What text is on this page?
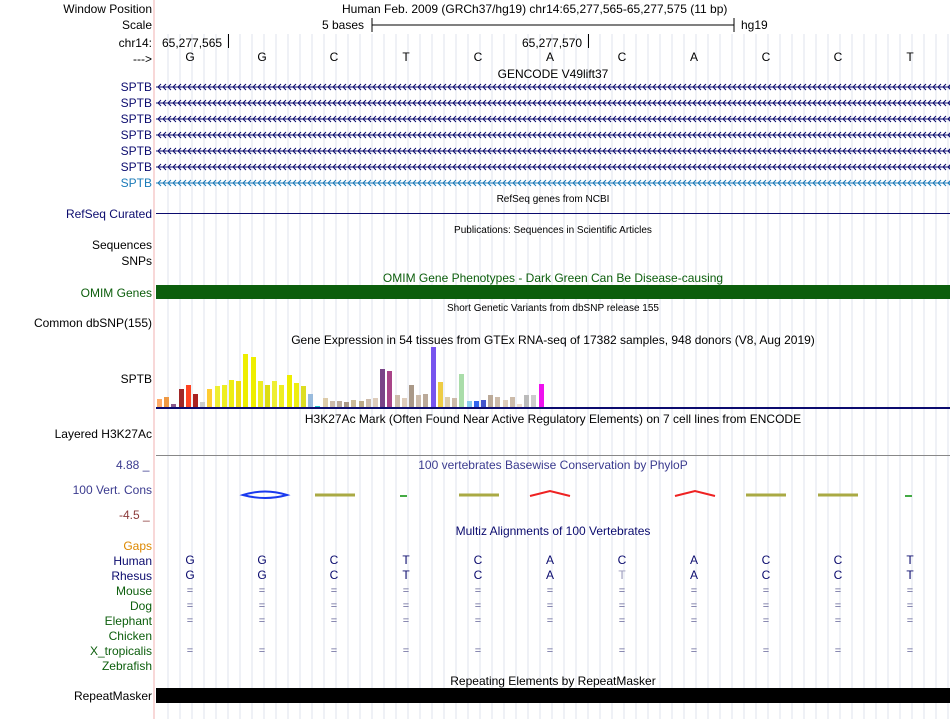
Window Position	Human Feb. 2009 (GRCh37/hg19) chr14:65,277,565-65,277,575 (11 bp)
Scale	5 bases	hg19
chr14: 65,277,565	65,277,570
--->	G	G	C	T	C	A	C	A	C	C	T
GENCODE V49lift37
SPTB
SPTB
SPTB
SPTB
SPTB
SPTB
SPTB
RefSeq genes from NCBI
RefSeq Curated
Publications: Sequences in Scientific Articles
Sequences
SNPs
OMIM Gene Phenotypes - Dark Green Can Be Disease-causing
OMIM Genes
Short Genetic Variants from dbSNP release 155
Common dbSNP(155)
Gene Expression in 54 tissues from GTEx RNA-seq of 17382 samples, 948 donors (V8, Aug 2019)
SPTB
H3K27Ac Mark (Often Found Near Active Regulatory Elements) on 7 cell lines from ENCODE
Layered H3K27Ac
100 vertebrates Basewise Conservation by PhyloP
4.88 _
100 Vert. Cons
-4.5 _
Multiz Alignments of 100 Vertebrates
Gaps
Human	G	G	C	T	C	A	C	A	C	C	T
Rhesus	G	G	C	T	C	A	T	A	C	C	T
Mouse	=	=	=	=	=	=	=	=	=	=	=
Dog	=	=	=	=	=	=	=	=	=	=	=
Elephant	=	=	=	=	=	=	=	=	=	=	=
Chicken
X_tropicalis	=	=	=	=	=	=	=	=	=	=	=
Zebrafish
Repeating Elements by RepeatMasker
RepeatMasker
